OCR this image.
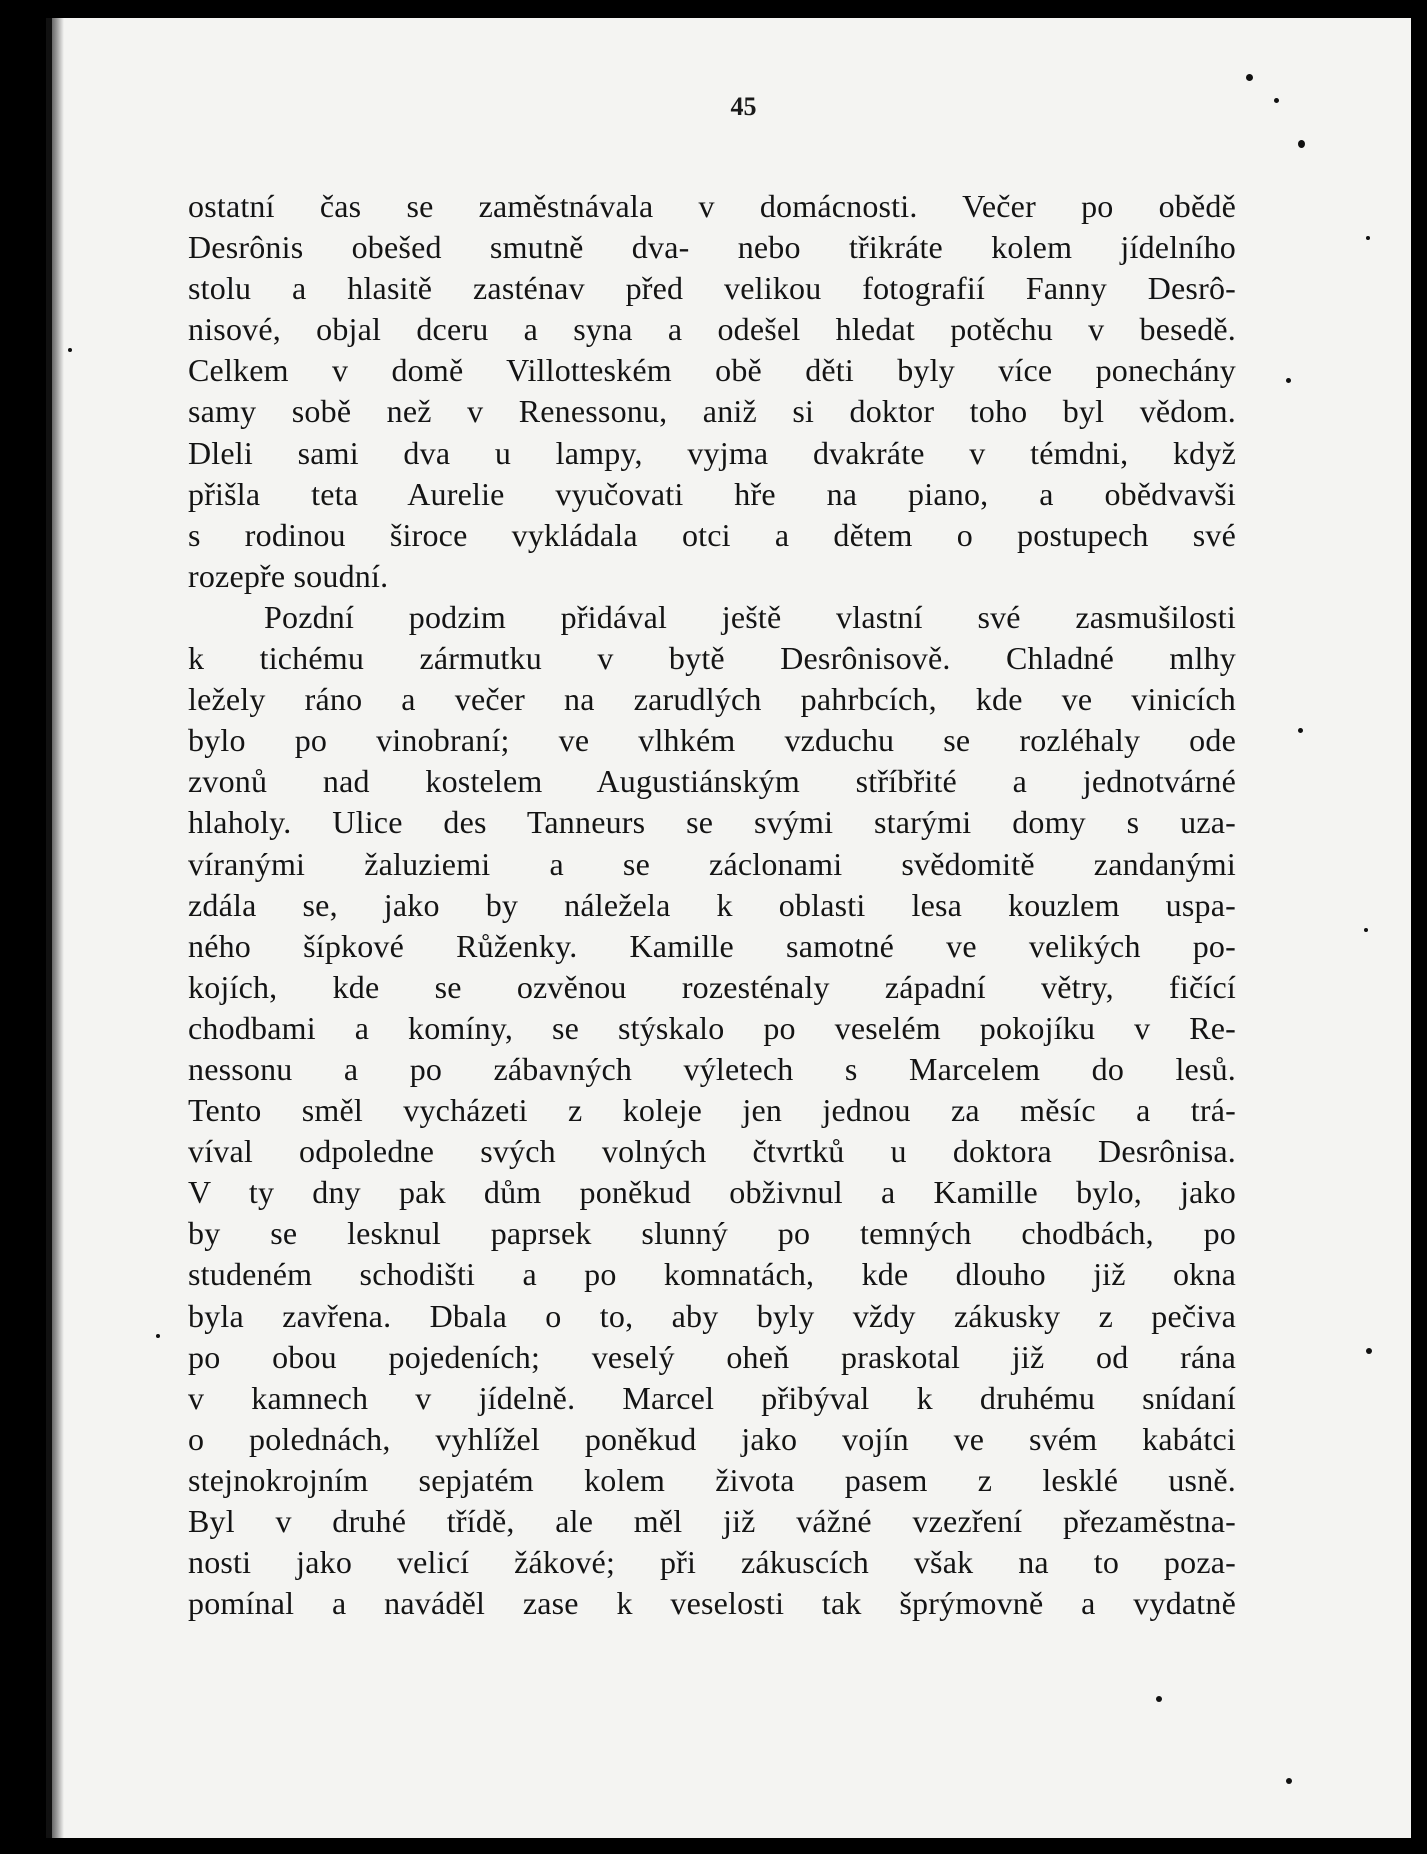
45
ostatní čas se zaměstnávala v domácnosti. Večer po obědě
Desrônis obešed smutně dva- nebo třikráte kolem jídelního
stolu a hlasitě zasténav před velikou fotografií Fanny Desrô-
nisové, objal dceru a syna a odešel hledat potěchu v besedě.
Celkem v domě Villotteském obě děti byly více ponechány
samy sobě než v Renessonu, aniž si doktor toho byl vědom.
Dleli sami dva u lampy, vyjma dvakráte v témdni, když
přišla teta Aurelie vyučovati hře na piano, a obědvavši
s rodinou široce vykládala otci a dětem o postupech své
rozepře soudní.
Pozdní podzim přidával ještě vlastní své zasmušilosti
k tichému zármutku v bytě Desrônisově. Chladné mlhy
ležely ráno a večer na zarudlých pahrbcích, kde ve vinicích
bylo po vinobraní; ve vlhkém vzduchu se rozléhaly ode
zvonů nad kostelem Augustiánským stříbřité a jednotvárné
hlaholy. Ulice des Tanneurs se svými starými domy s uza-
víranými žaluziemi a se záclonami svědomitě zandanými
zdála se, jako by náležela k oblasti lesa kouzlem uspa-
ného šípkové Růženky. Kamille samotné ve velikých po-
kojích, kde se ozvěnou rozesténaly západní větry, fičící
chodbami a komíny, se stýskalo po veselém pokojíku v Re-
nessonu a po zábavných výletech s Marcelem do lesů.
Tento směl vycházeti z koleje jen jednou za měsíc a trá-
víval odpoledne svých volných čtvrtků u doktora Desrônisa.
V ty dny pak dům poněkud obživnul a Kamille bylo, jako
by se lesknul paprsek slunný po temných chodbách, po
studeném schodišti a po komnatách, kde dlouho již okna
byla zavřena. Dbala o to, aby byly vždy zákusky z pečiva
po obou pojedeních; veselý oheň praskotal již od rána
v kamnech v jídelně. Marcel přibýval k druhému snídaní
o polednách, vyhlížel poněkud jako vojín ve svém kabátci
stejnokrojním sepjatém kolem života pasem z lesklé usně.
Byl v druhé třídě, ale měl již vážné vzezření přezaměstna-
nosti jako velicí žákové; při zákuscích však na to poza-
pomínal a naváděl zase k veselosti tak šprýmovně a vydatně
